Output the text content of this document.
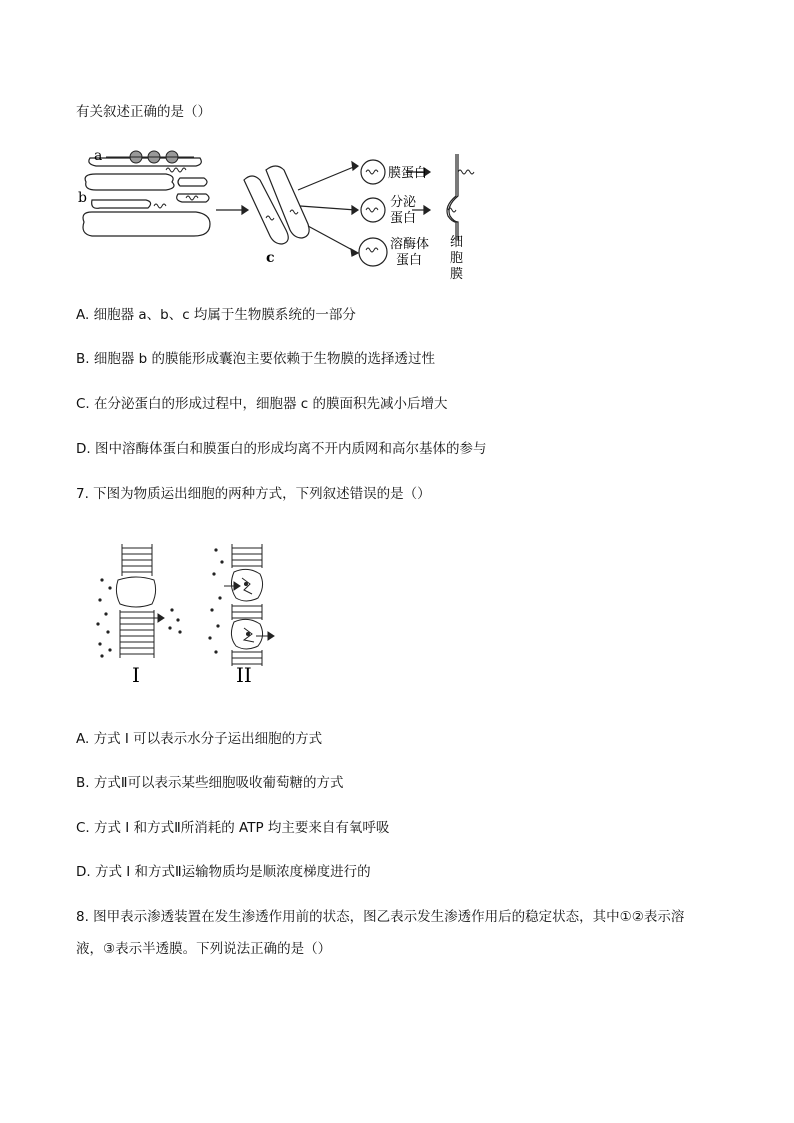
有关叙述正确的是（）
a
b
c
膜蛋白
分泌
蛋白
溶酶体
蛋白
细
胞
膜
A. 细胞器 a、b、c 均属于生物膜系统的一部分
B. 细胞器 b 的膜能形成囊泡主要依赖于生物膜的选择透过性
C. 在分泌蛋白的形成过程中，细胞器 c 的膜面积先减小后增大
D. 图中溶酶体蛋白和膜蛋白的形成均离不开内质网和高尔基体的参与
7. 下图为物质运出细胞的两种方式，下列叙述错误的是（）
I	II
A. 方式 I 可以表示水分子运出细胞的方式
B. 方式Ⅱ可以表示某些细胞吸收葡萄糖的方式
C. 方式 I 和方式Ⅱ所消耗的 ATP 均主要来自有氧呼吸
D. 方式 I 和方式Ⅱ运输物质均是顺浓度梯度进行的
8. 图甲表示渗透装置在发生渗透作用前的状态，图乙表示发生渗透作用后的稳定状态，其中①②表示溶
液，③表示半透膜。下列说法正确的是（）
